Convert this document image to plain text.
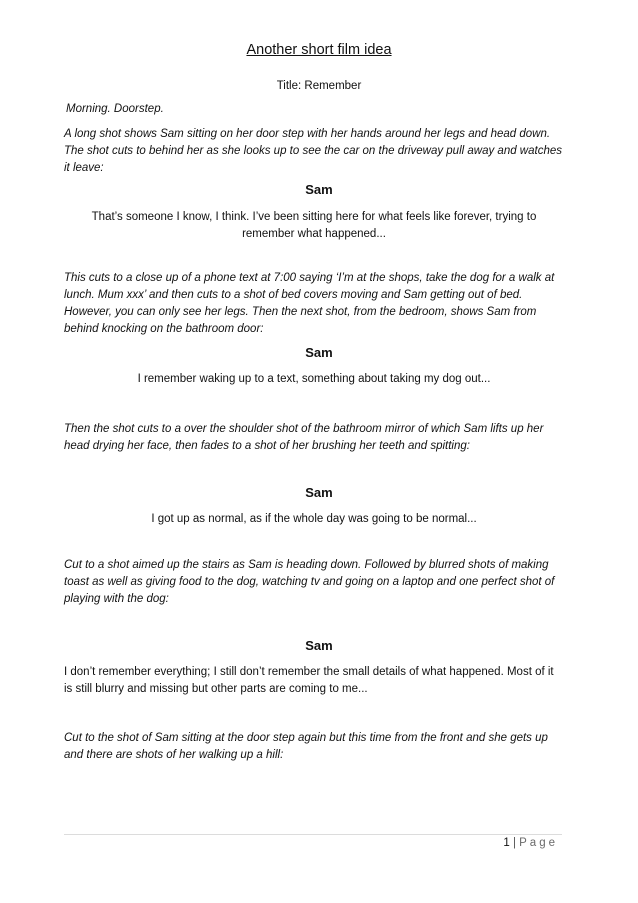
Another short film idea
Title: Remember
Morning. Doorstep.
A long shot shows Sam sitting on her door step with her hands around her legs and head down. The shot cuts to behind her as she looks up to see the car on the driveway pull away and watches it leave:
Sam
That’s someone I know, I think. I’ve been sitting here for what feels like forever, trying to remember what happened...
This cuts to a close up of a phone text at 7:00 saying ‘I’m at the shops, take the dog for a walk at lunch. Mum xxx’ and then cuts to a shot of bed covers moving and Sam getting out of bed. However, you can only see her legs. Then the next shot, from the bedroom, shows Sam from behind knocking on the bathroom door:
Sam
I remember waking up to a text, something about taking my dog out...
Then the shot cuts to a over the shoulder shot of the bathroom mirror of which Sam lifts up her head drying her face, then fades to a shot of her brushing her teeth and spitting:
Sam
I got up as normal, as if the whole day was going to be normal...
Cut to a shot aimed up the stairs as Sam is heading down. Followed by blurred shots of making toast as well as giving food to the dog, watching tv and going on a laptop and one perfect shot of playing with the dog:
Sam
I don’t remember everything; I still don’t remember the small details of what happened. Most of it is still blurry and missing but other parts are coming to me...
Cut to the shot of Sam sitting at the door step again but this time from the front and she gets up and there are shots of her walking up a hill:
1 | Page
